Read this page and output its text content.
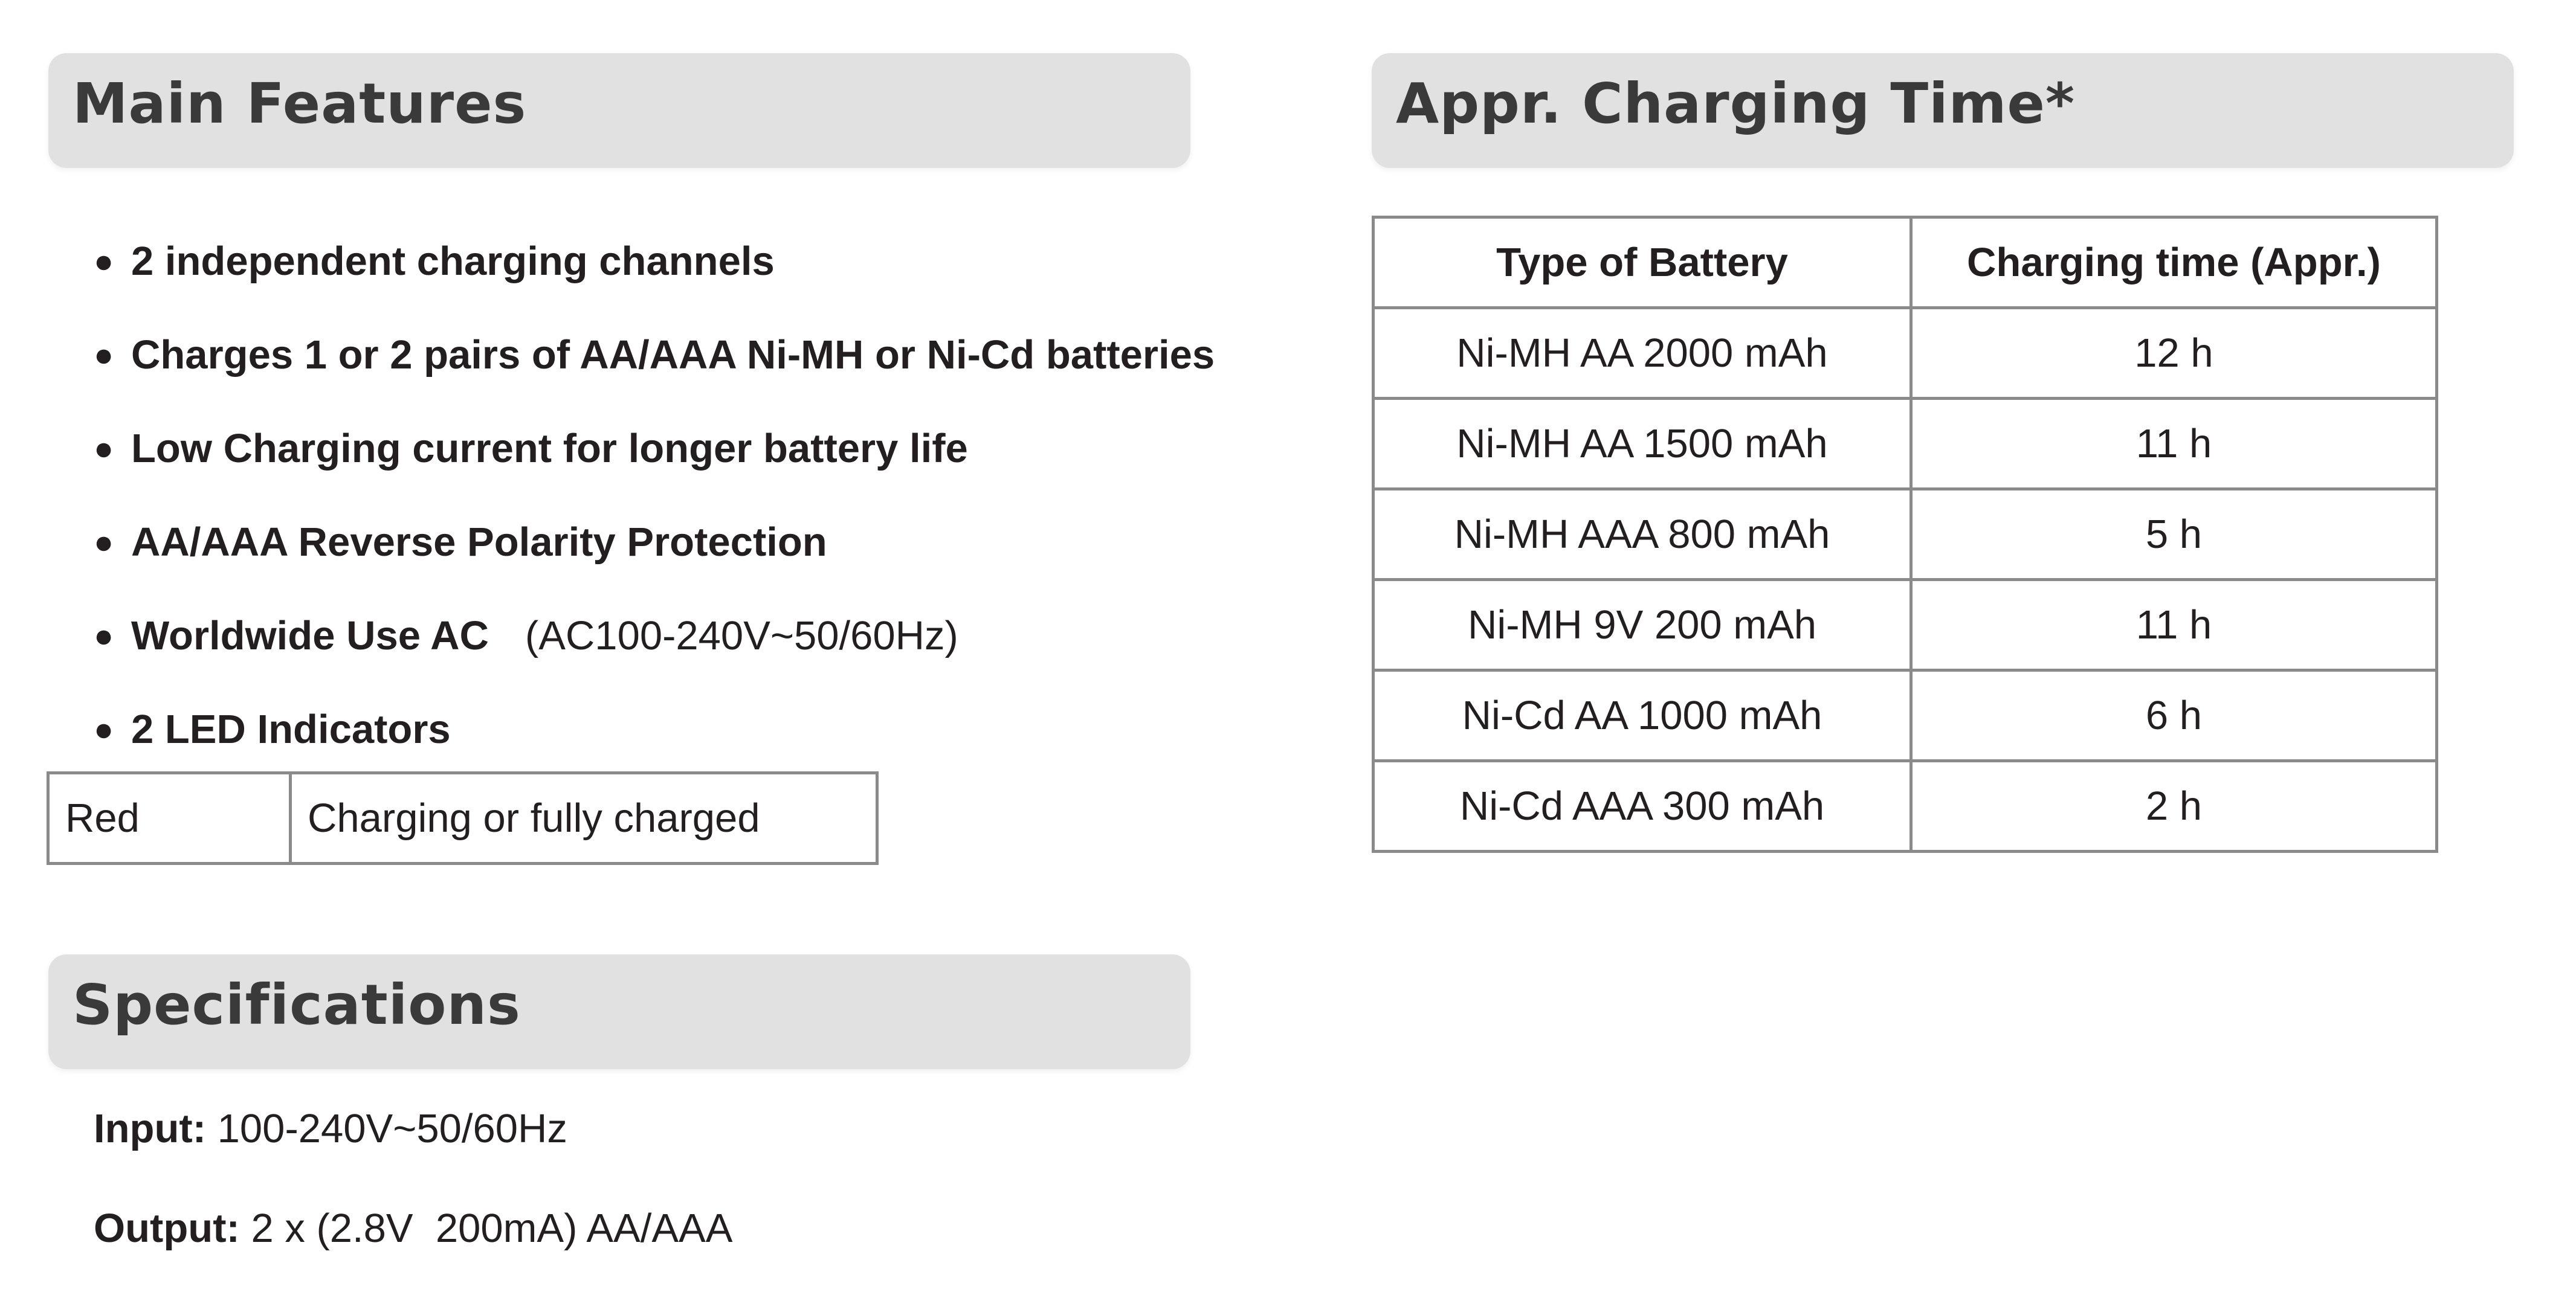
Main Features
● 2 independent charging channels
● Charges 1 or 2 pairs of AA/AAA Ni-MH or Ni-Cd batteries
● Low Charging current for longer battery life
● AA/AAA Reverse Polarity Protection
● Worldwide Use AC (AC100-240V~50/60Hz)
● 2 LED Indicators
Red	Charging or fully charged
Specifications
Input: 100-240V~50/60Hz
Output: 2 x (2.8V  200mA) AA/AAA
Appr. Charging Time*
Type of Battery	Charging time (Appr.)
Ni-MH AA 2000 mAh	12 h
Ni-MH AA 1500 mAh	11 h
Ni-MH AAA 800 mAh	5 h
Ni-MH 9V 200 mAh	11 h
Ni-Cd AA 1000 mAh	6 h
Ni-Cd AAA 300 mAh	2 h
